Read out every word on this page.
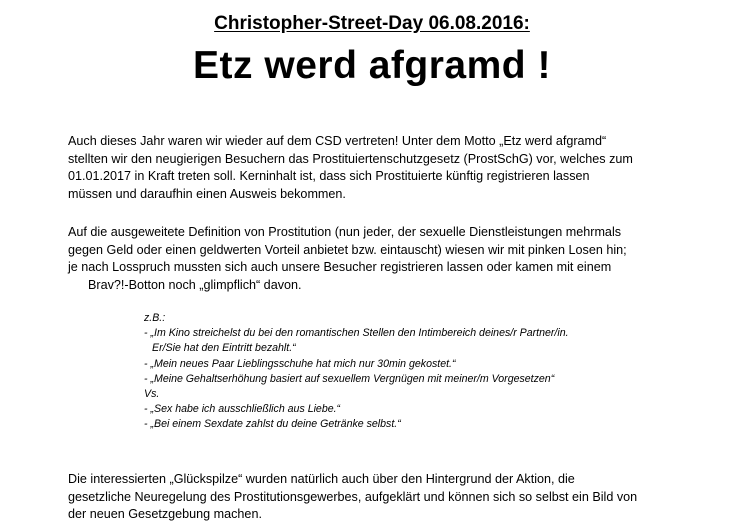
Christopher-Street-Day 06.08.2016:
Etz werd afgramd !
Auch dieses Jahr waren wir wieder auf dem CSD vertreten! Unter dem Motto „Etz werd afgramd“
stellten wir den neugierigen Besuchern das Prostituiertenschutzgesetz (ProstSchG) vor, welches zum
01.01.2017 in Kraft treten soll. Kerninhalt ist, dass sich Prostituierte künftig registrieren lassen
müssen und daraufhin einen Ausweis bekommen.
Auf die ausgeweitete Definition von Prostitution (nun jeder, der sexuelle Dienstleistungen mehrmals
gegen Geld oder einen geldwerten Vorteil anbietet bzw. eintauscht) wiesen wir mit pinken Losen hin;
je nach Losspruch mussten sich auch unsere Besucher registrieren lassen oder kamen mit einem
Brav?!-Botton noch „glimpflich“ davon.
z.B.:
- „Im Kino streichelst du bei den romantischen Stellen den Intimbereich deines/r Partner/in.
Er/Sie hat den Eintritt bezahlt.“
- „Mein neues Paar Lieblingsschuhe hat mich nur 30min gekostet.“
- „Meine Gehaltserhöhung basiert auf sexuellem Vergnügen mit meiner/m Vorgesetzen“
Vs.
- „Sex habe ich ausschließlich aus Liebe.“
- „Bei einem Sexdate zahlst du deine Getränke selbst.“
Die interessierten „Glückspilze“ wurden natürlich auch über den Hintergrund der Aktion, die
gesetzliche Neuregelung des Prostitutionsgewerbes, aufgeklärt und können sich so selbst ein Bild von
der neuen Gesetzgebung machen.
